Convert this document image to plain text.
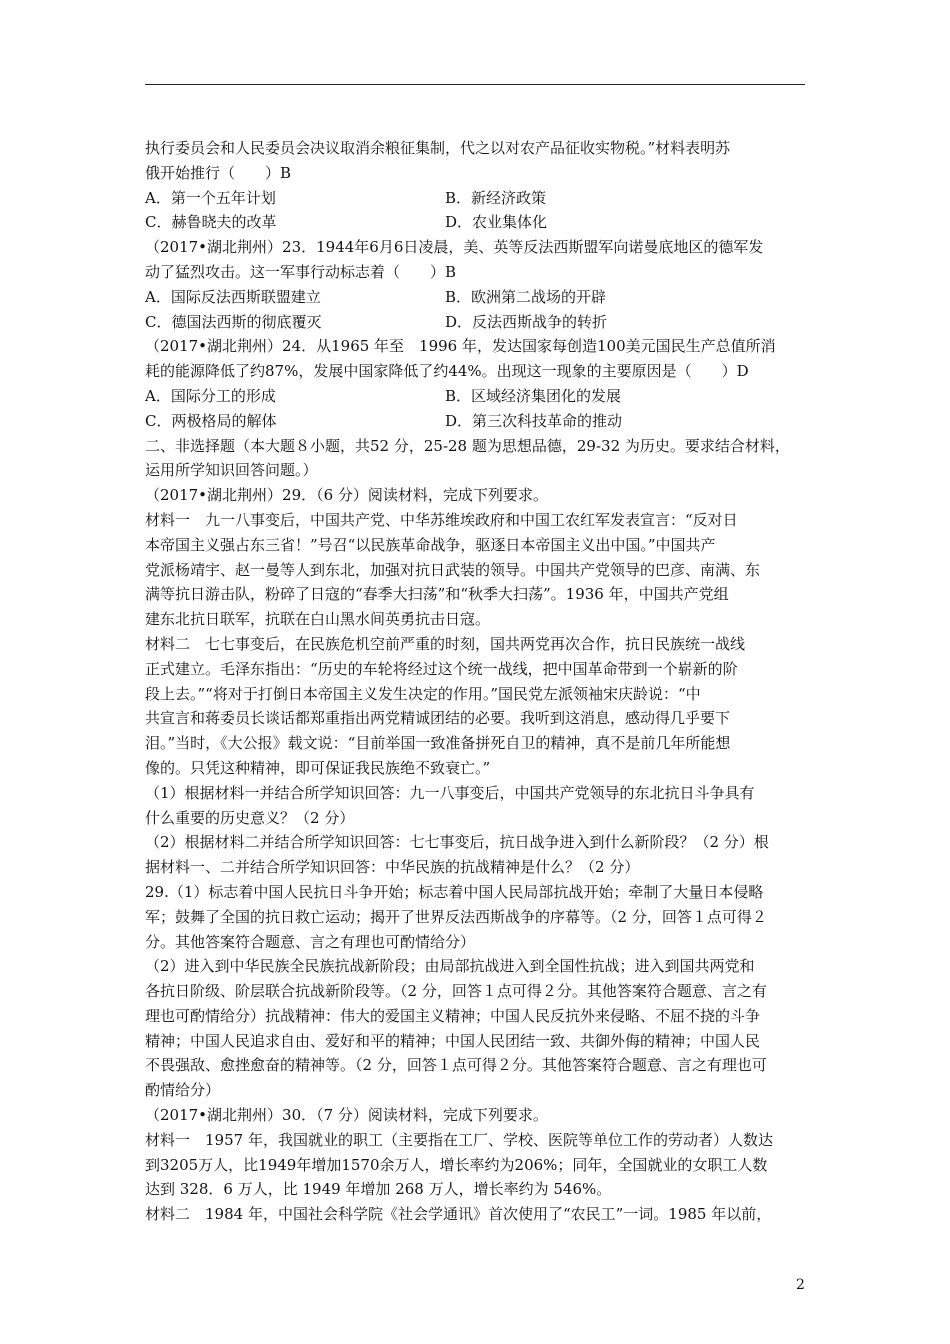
执行委员会和人民委员会决议取消余粮征集制，代之以对农产品征收实物税。”材料表明苏
俄开始推行（　　）B
A．第一个五年计划	B．新经济政策
C．赫鲁晓夫的改革	D．农业集体化
（2017•湖北荆州）23．1944年6月6日凌晨，美、英等反法西斯盟军向诺曼底地区的德军发
动了猛烈攻击。这一军事行动标志着（　　）B
A．国际反法西斯联盟建立	B．欧洲第二战场的开辟
C．德国法西斯的彻底覆灭	D．反法西斯战争的转折
（2017•湖北荆州）24．从1965 年至　1996 年，发达国家每创造100美元国民生产总值所消
耗的能源降低了约87%，发展中国家降低了约44%。出现这一现象的主要原因是（　　）D
A．国际分工的形成	B．区域经济集团化的发展
C．两极格局的解体	D．第三次科技革命的推动
二、非选择题（本大题８小题，共52 分，25-28 题为思想品德，29-32 为历史。要求结合材料，
运用所学知识回答问题。）
（2017•湖北荆州）29．（6 分）阅读材料，完成下列要求。
材料一　九一八事变后，中国共产党、中华苏维埃政府和中国工农红军发表宣言：“反对日
本帝国主义强占东三省！”号召“以民族革命战争，驱逐日本帝国主义出中国。”中国共产
党派杨靖宇、赵一曼等人到东北，加强对抗日武装的领导。中国共产党领导的巴彦、南满、东
满等抗日游击队，粉碎了日寇的“春季大扫荡”和“秋季大扫荡”。1936 年，中国共产党组
建东北抗日联军，抗联在白山黑水间英勇抗击日寇。
材料二　七七事变后，在民族危机空前严重的时刻，国共两党再次合作，抗日民族统一战线
正式建立。毛泽东指出：“历史的车轮将经过这个统一战线，把中国革命带到一个崭新的阶
段上去。”“将对于打倒日本帝国主义发生决定的作用。”国民党左派领袖宋庆龄说：“中
共宣言和蒋委员长谈话都郑重指出两党精诚团结的必要。我听到这消息，感动得几乎要下
泪。”当时，《大公报》载文说：“目前举国一致准备拼死自卫的精神，真不是前几年所能想
像的。只凭这种精神，即可保证我民族绝不致衰亡。”
（1）根据材料一并结合所学知识回答：九一八事变后，中国共产党领导的东北抗日斗争具有
什么重要的历史意义？（2 分）
（2）根据材料二并结合所学知识回答：七七事变后，抗日战争进入到什么新阶段？（2 分）根
据材料一、二并结合所学知识回答：中华民族的抗战精神是什么？（2 分）
29.（1）标志着中国人民抗日斗争开始；标志着中国人民局部抗战开始；牵制了大量日本侵略
军；鼓舞了全国的抗日救亡运动；揭开了世界反法西斯战争的序幕等。（2 分，回答１点可得２
分。其他答案符合题意、言之有理也可酌情给分）
（2）进入到中华民族全民族抗战新阶段；由局部抗战进入到全国性抗战；进入到国共两党和
各抗日阶级、阶层联合抗战新阶段等。（2 分，回答１点可得２分。其他答案符合题意、言之有
理也可酌情给分）抗战精神：伟大的爱国主义精神；中国人民反抗外来侵略、不屈不挠的斗争
精神；中国人民追求自由、爱好和平的精神；中国人民团结一致、共御外侮的精神；中国人民
不畏强敌、愈挫愈奋的精神等。（2 分，回答１点可得２分。其他答案符合题意、言之有理也可
酌情给分）
（2017•湖北荆州）30．（7 分）阅读材料，完成下列要求。
材料一　1957 年，我国就业的职工（主要指在工厂、学校、医院等单位工作的劳动者）人数达
到3205万人，比1949年增加1570余万人，增长率约为206%；同年，全国就业的女职工人数
达到 328．6 万人，比 1949 年增加 268 万人，增长率约为 546%。
材料二　1984 年，中国社会科学院《社会学通讯》首次使用了“农民工”一词。1985 年以前，
2
